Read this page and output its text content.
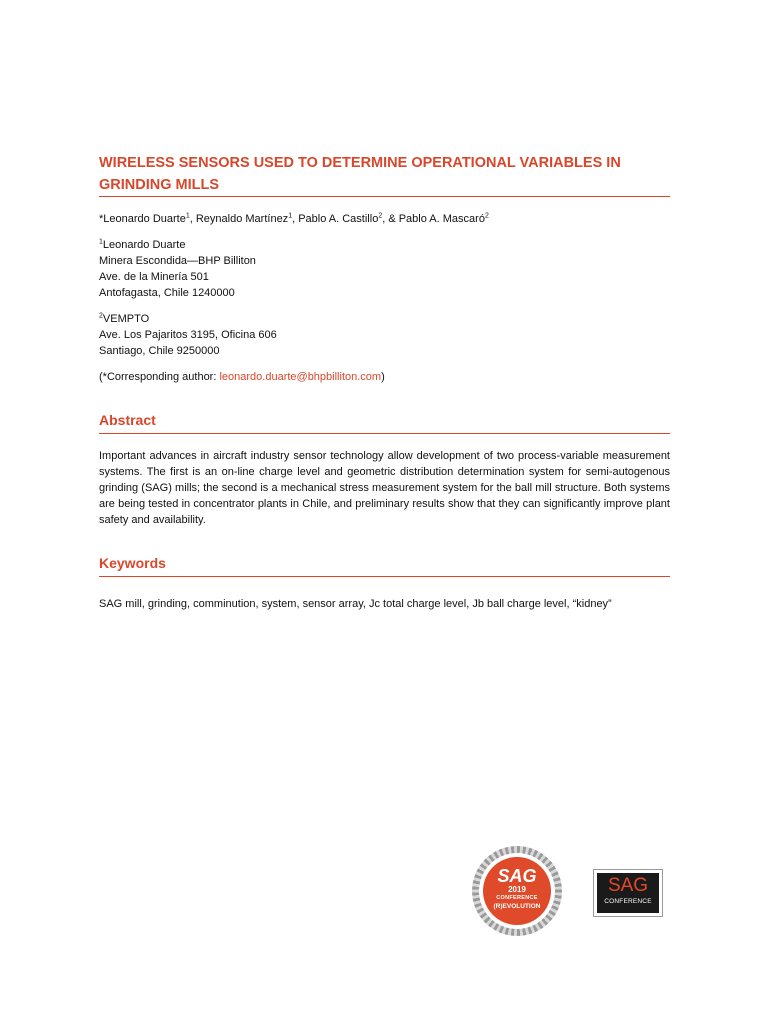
WIRELESS SENSORS USED TO DETERMINE OPERATIONAL VARIABLES IN GRINDING MILLS
*Leonardo Duarte$^1$, Reynaldo Martínez$^1$, Pablo A. Castillo$^2$, & Pablo A. Mascaró$^2$
$^1$Leonardo Duarte
Minera Escondida—BHP Billiton
Ave. de la Minería 501
Antofagasta, Chile 1240000
$^2$VEMPTO
Ave. Los Pajaritos 3195, Oficina 606
Santiago, Chile 9250000
(*Corresponding author: leonardo.duarte@bhpbilliton.com)
Abstract
Important advances in aircraft industry sensor technology allow development of two process-variable measurement systems. The first is an on-line charge level and geometric distribution determination system for semi-autogenous grinding (SAG) mills; the second is a mechanical stress measurement system for the ball mill structure. Both systems are being tested in concentrator plants in Chile, and preliminary results show that they can significantly improve plant safety and availability.
Keywords
SAG mill, grinding, comminution, system, sensor array, Jc total charge level, Jb ball charge level, “kidney”
SAG
2019
CONFERENCE
(R)EVOLUTION
SAG
CONFERENCE
